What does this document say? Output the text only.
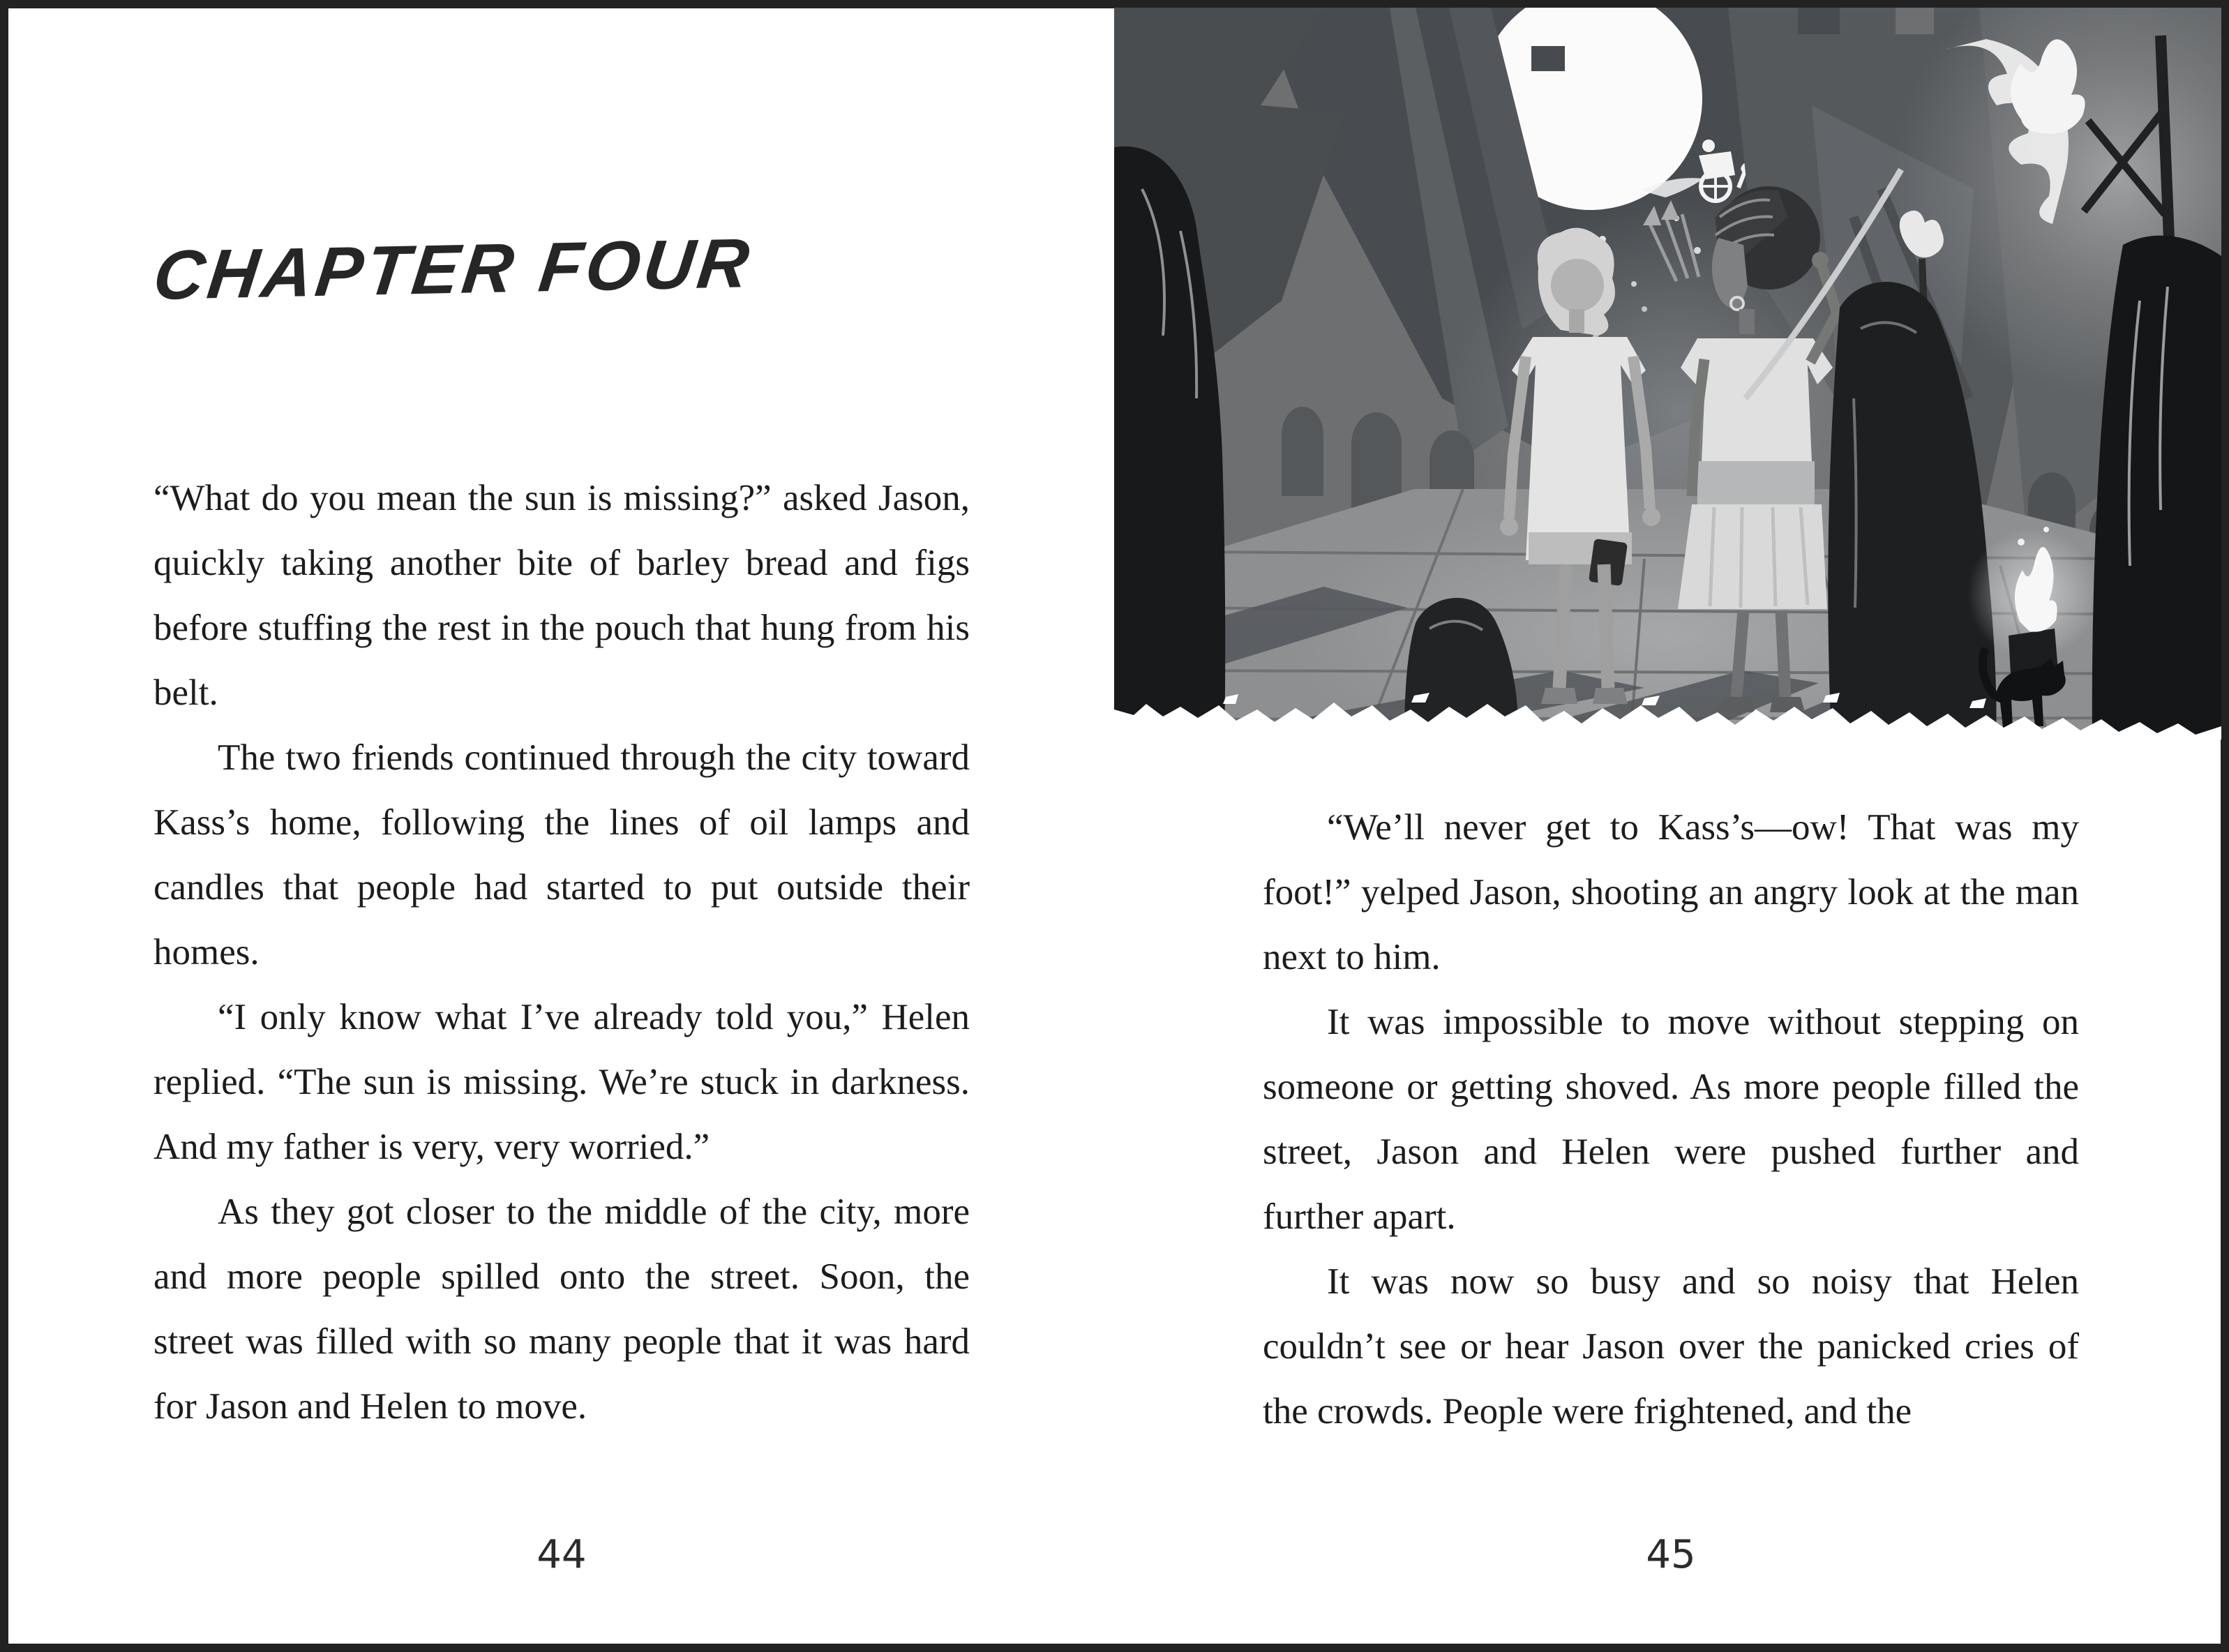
CHAPTER FOUR

“What do you mean the sun is missing?” asked Jason, quickly taking another bite of barley bread and figs before stuffing the rest in the pouch that hung from his belt.

The two friends continued through the city toward Kass’s home, following the lines of oil lamps and candles that people had started to put outside their homes.

“I only know what I’ve already told you,” Helen replied. “The sun is missing. We’re stuck in darkness. And my father is very, very worried.”

As they got closer to the middle of the city, more and more people spilled onto the street. Soon, the street was filled with so many people that it was hard for Jason and Helen to move.

44

“We’ll never get to Kass’s—ow! That was my foot!” yelped Jason, shooting an angry look at the man next to him.

It was impossible to move without stepping on someone or getting shoved. As more people filled the street, Jason and Helen were pushed further and further apart.

It was now so busy and so noisy that Helen couldn’t see or hear Jason over the panicked cries of the crowds. People were frightened, and the

45
